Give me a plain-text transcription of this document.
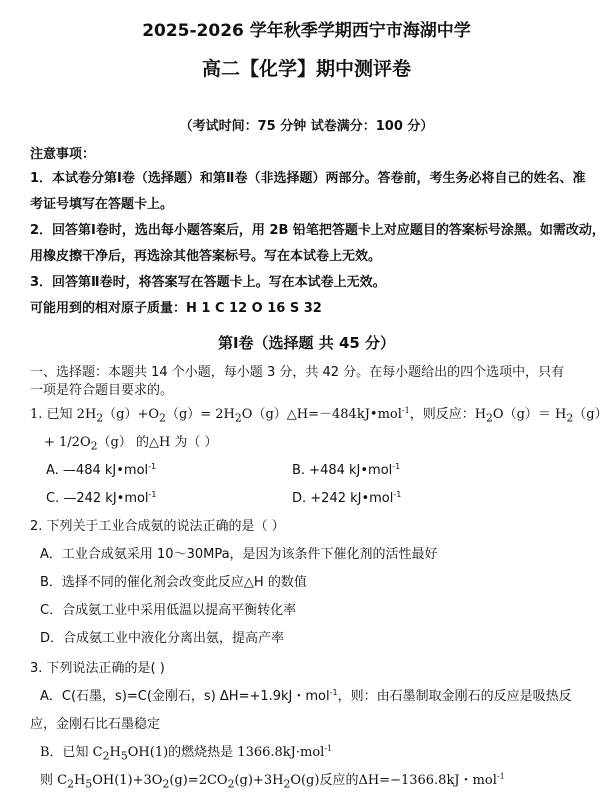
2025-2026 学年秋季学期西宁市海湖中学
高二【化学】期中测评卷
（考试时间：75 分钟 试卷满分：100 分）
注意事项：
1．本试卷分第Ⅰ卷（选择题）和第Ⅱ卷（非选择题）两部分。答卷前，考生务必将自己的姓名、准
考证号填写在答题卡上。
2．回答第Ⅰ卷时，选出每小题答案后，用 2B 铅笔把答题卡上对应题目的答案标号涂黑。如需改动，
用橡皮擦干净后，再选涂其他答案标号。写在本试卷上无效。
3．回答第Ⅱ卷时，将答案写在答题卡上。写在本试卷上无效。
可能用到的相对原子质量：H 1 C 12 O 16 S 32
第Ⅰ卷（选择题 共 45 分）
一、选择题：本题共 14 个小题，每小题 3 分，共 42 分。在每小题给出的四个选项中，只有
一项是符合题目要求的。
1. 已知 $2H_2(g)+O_2(g)=$ $2H_2O(g)\triangle H=-484kJ•mol^{-1}$，则反应：$H_2O(g)= H_2(g)$
+ $1/2O_2(g)$ 的△H 为（ ）
A. —484 kJ•mol$^{-1}$	B. +484 kJ•mol$^{-1}$
C. —242 kJ•mol$^{-1}$	D. +242 kJ•mol$^{-1}$
2. 下列关于工业合成氨的说法正确的是（ ）
A．工业合成氨采用 10～30MPa，是因为该条件下催化剂的活性最好
B．选择不同的催化剂会改变此反应△H 的数值
C．合成氨工业中采用低温以提高平衡转化率
D．合成氨工业中液化分离出氨，提高产率
3. 下列说法正确的是( )
A．C(石墨，s)=C(金刚石，s) ΔH=+1.9kJ・mol$^{-1}$，则：由石墨制取金刚石的反应是吸热反
应，金刚石比石墨稳定
B．已知 $C_2H_5OH(1)$的燃烧热是 1366.8kJ·mol$^{-1}$
则 $C_2H_5OH(1)+3O_2(g)=2CO_2(g)+3H_2O(g)$反应的ΔH=−1366.8kJ・mol$^{-1}$
